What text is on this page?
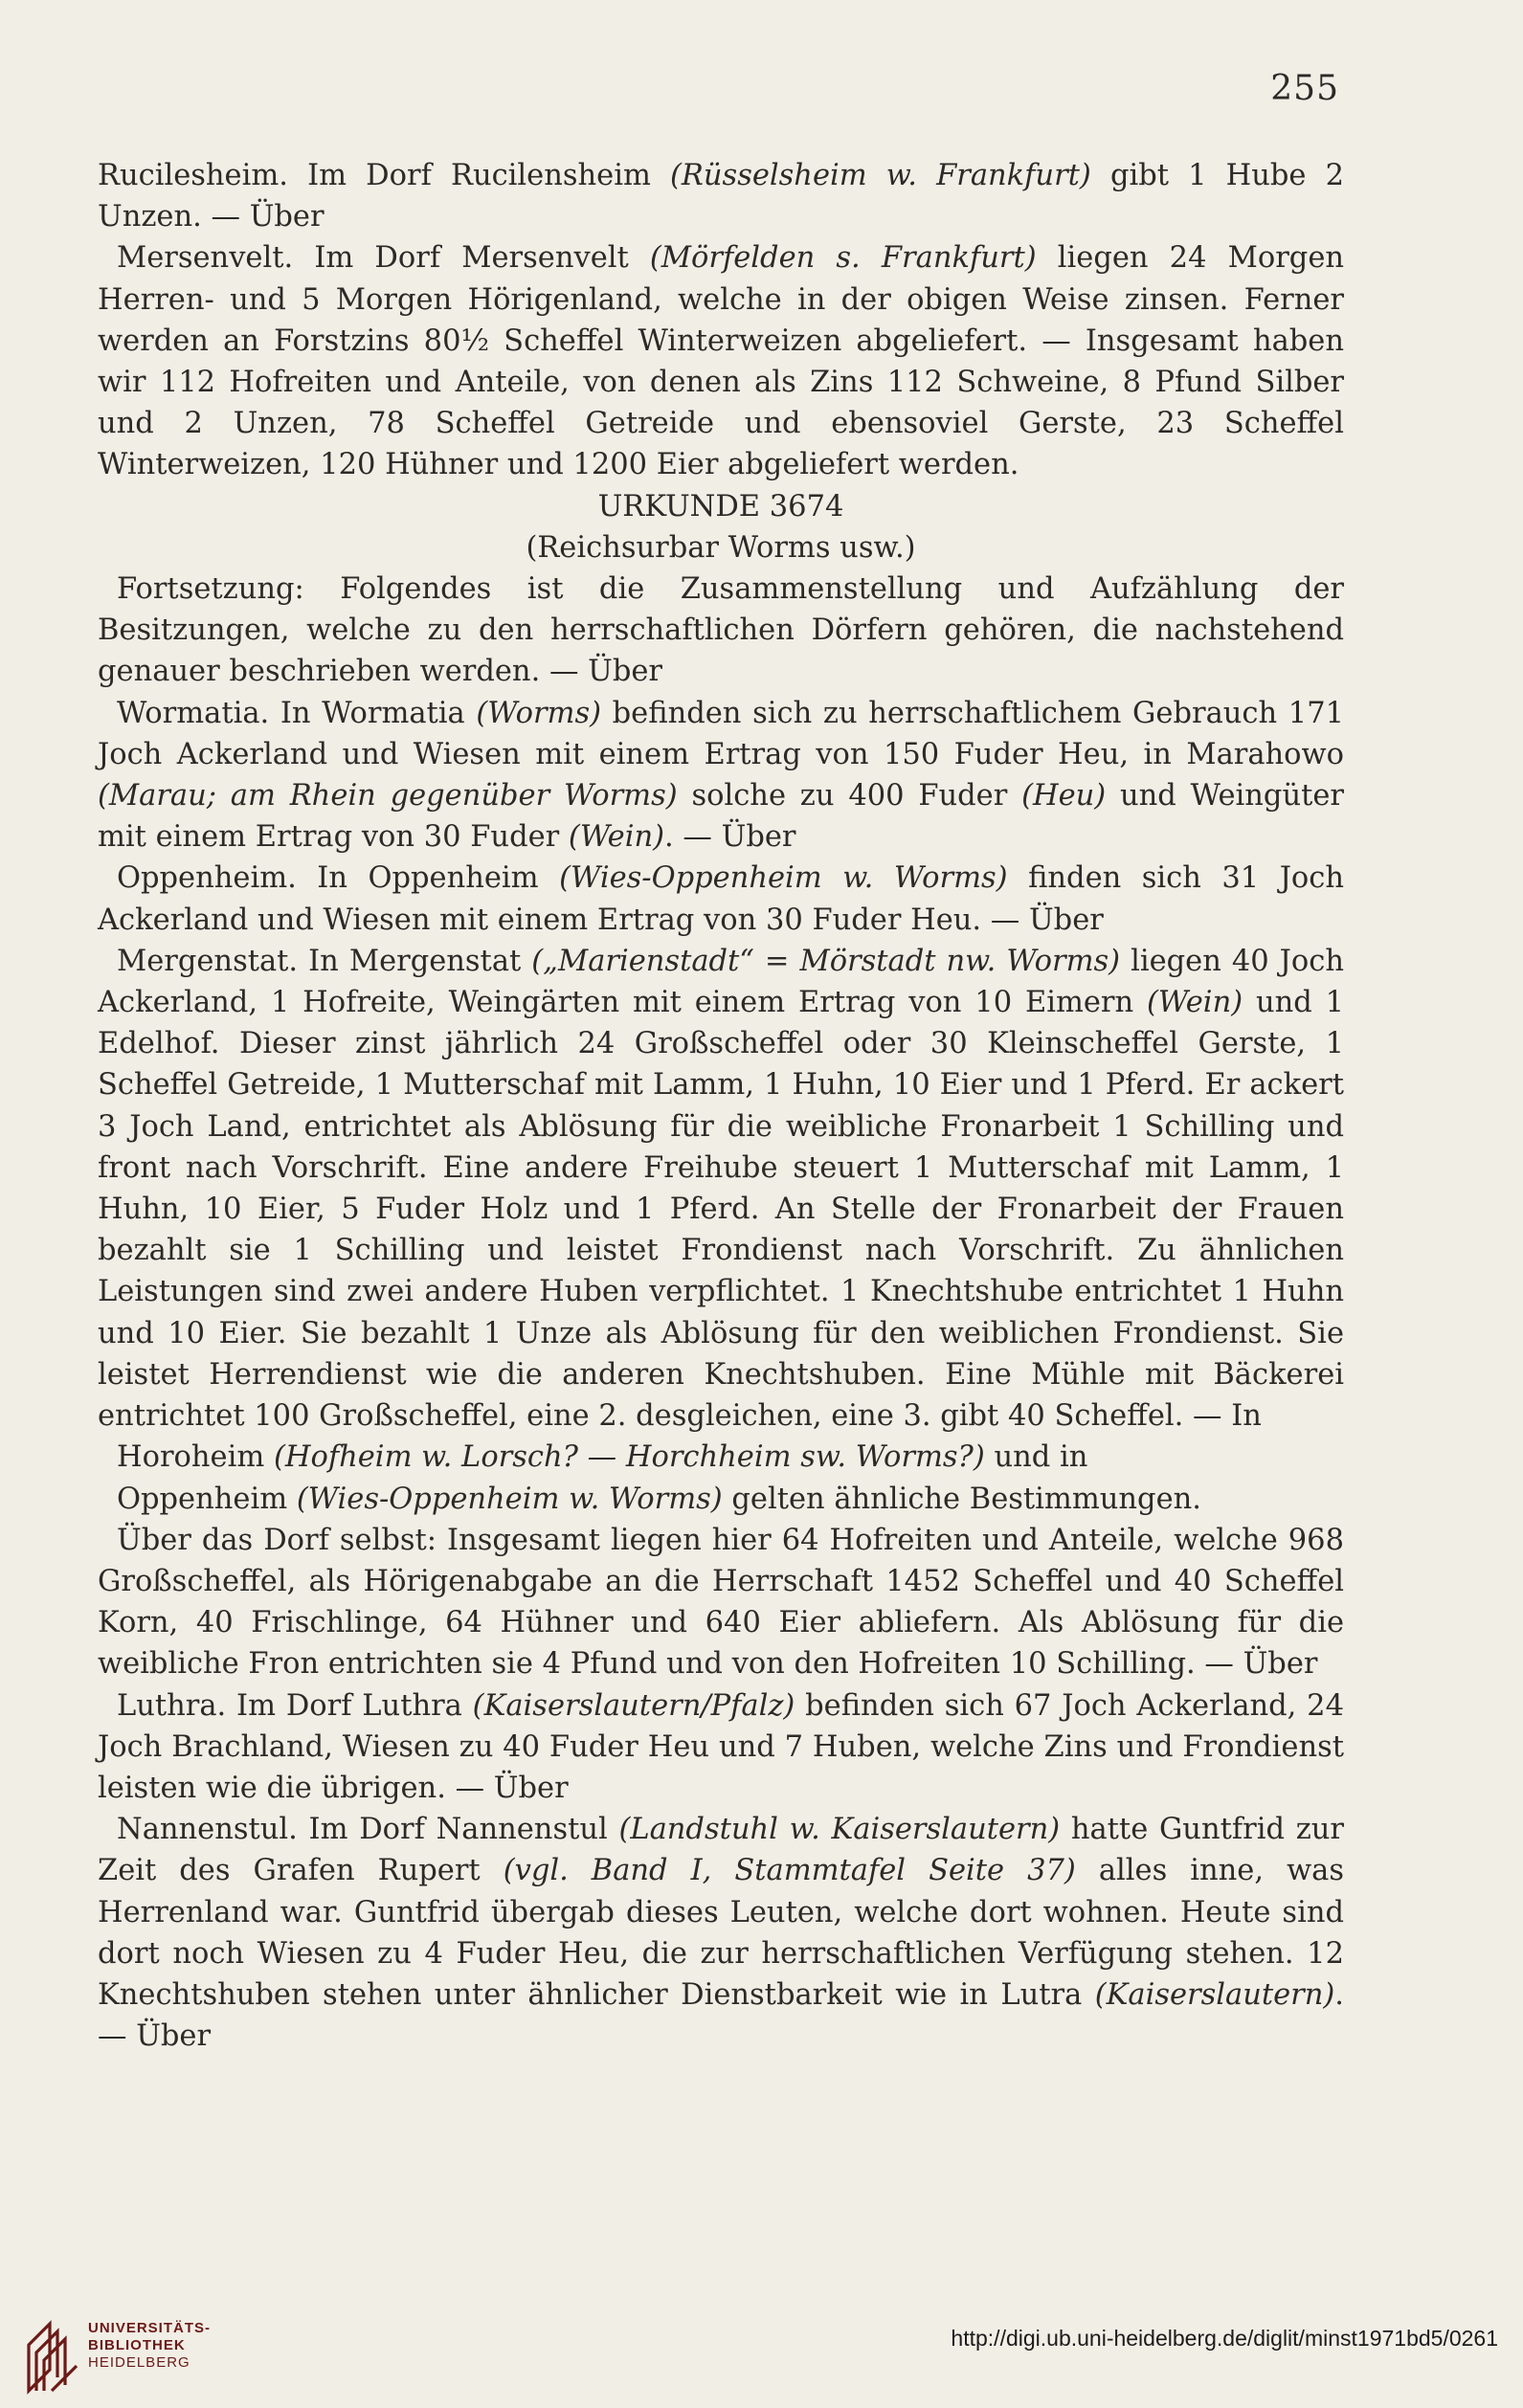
255

Rucilesheim. Im Dorf Rucilensheim (Rüsselsheim w. Frankfurt) gibt 1 Hube 2 Unzen. — Über

Mersenvelt. Im Dorf Mersenvelt (Mörfelden s. Frankfurt) liegen 24 Morgen Herren- und 5 Morgen Hörigenland, welche in der obigen Weise zinsen. Ferner werden an Forstzins 80½ Scheffel Winterweizen abgeliefert. — Insgesamt haben wir 112 Hofreiten und Anteile, von denen als Zins 112 Schweine, 8 Pfund Silber und 2 Unzen, 78 Scheffel Getreide und ebensoviel Gerste, 23 Scheffel Winterweizen, 120 Hühner und 1200 Eier abgeliefert werden.

URKUNDE 3674

(Reichsurbar Worms usw.)

Fortsetzung: Folgendes ist die Zusammenstellung und Aufzählung der Besitzungen, welche zu den herrschaftlichen Dörfern gehören, die nachstehend genauer beschrieben werden. — Über

Wormatia. In Wormatia (Worms) befinden sich zu herrschaftlichem Gebrauch 171 Joch Ackerland und Wiesen mit einem Ertrag von 150 Fuder Heu, in Marahowo (Marau; am Rhein gegenüber Worms) solche zu 400 Fuder (Heu) und Weingüter mit einem Ertrag von 30 Fuder (Wein). — Über

Oppenheim. In Oppenheim (Wies-Oppenheim w. Worms) finden sich 31 Joch Ackerland und Wiesen mit einem Ertrag von 30 Fuder Heu. — Über

Mergenstat. In Mergenstat („Marienstadt“ = Mörstadt nw. Worms) liegen 40 Joch Ackerland, 1 Hofreite, Weingärten mit einem Ertrag von 10 Eimern (Wein) und 1 Edelhof. Dieser zinst jährlich 24 Großscheffel oder 30 Kleinscheffel Gerste, 1 Scheffel Getreide, 1 Mutterschaf mit Lamm, 1 Huhn, 10 Eier und 1 Pferd. Er ackert 3 Joch Land, entrichtet als Ablösung für die weibliche Fronarbeit 1 Schilling und front nach Vorschrift. Eine andere Freihube steuert 1 Mutterschaf mit Lamm, 1 Huhn, 10 Eier, 5 Fuder Holz und 1 Pferd. An Stelle der Fronarbeit der Frauen bezahlt sie 1 Schilling und leistet Frondienst nach Vorschrift. Zu ähnlichen Leistungen sind zwei andere Huben verpflichtet. 1 Knechtshube entrichtet 1 Huhn und 10 Eier. Sie bezahlt 1 Unze als Ablösung für den weiblichen Frondienst. Sie leistet Herrendienst wie die anderen Knechtshuben. Eine Mühle mit Bäckerei entrichtet 100 Großscheffel, eine 2. desgleichen, eine 3. gibt 40 Scheffel. — In

Horoheim (Hofheim w. Lorsch? — Horchheim sw. Worms?) und in

Oppenheim (Wies-Oppenheim w. Worms) gelten ähnliche Bestimmungen.

Über das Dorf selbst: Insgesamt liegen hier 64 Hofreiten und Anteile, welche 968 Großscheffel, als Hörigenabgabe an die Herrschaft 1452 Scheffel und 40 Scheffel Korn, 40 Frischlinge, 64 Hühner und 640 Eier abliefern. Als Ablösung für die weibliche Fron entrichten sie 4 Pfund und von den Hofreiten 10 Schilling. — Über

Luthra. Im Dorf Luthra (Kaiserslautern/Pfalz) befinden sich 67 Joch Ackerland, 24 Joch Brachland, Wiesen zu 40 Fuder Heu und 7 Huben, welche Zins und Frondienst leisten wie die übrigen. — Über

Nannenstul. Im Dorf Nannenstul (Landstuhl w. Kaiserslautern) hatte Guntfrid zur Zeit des Grafen Rupert (vgl. Band I, Stammtafel Seite 37) alles inne, was Herrenland war. Guntfrid übergab dieses Leuten, welche dort wohnen. Heute sind dort noch Wiesen zu 4 Fuder Heu, die zur herrschaftlichen Verfügung stehen. 12 Knechtshuben stehen unter ähnlicher Dienstbarkeit wie in Lutra (Kaiserslautern). — Über

UNIVERSITÄTS-
BIBLIOTHEK
HEIDELBERG
http://digi.ub.uni-heidelberg.de/diglit/minst1971bd5/0261
